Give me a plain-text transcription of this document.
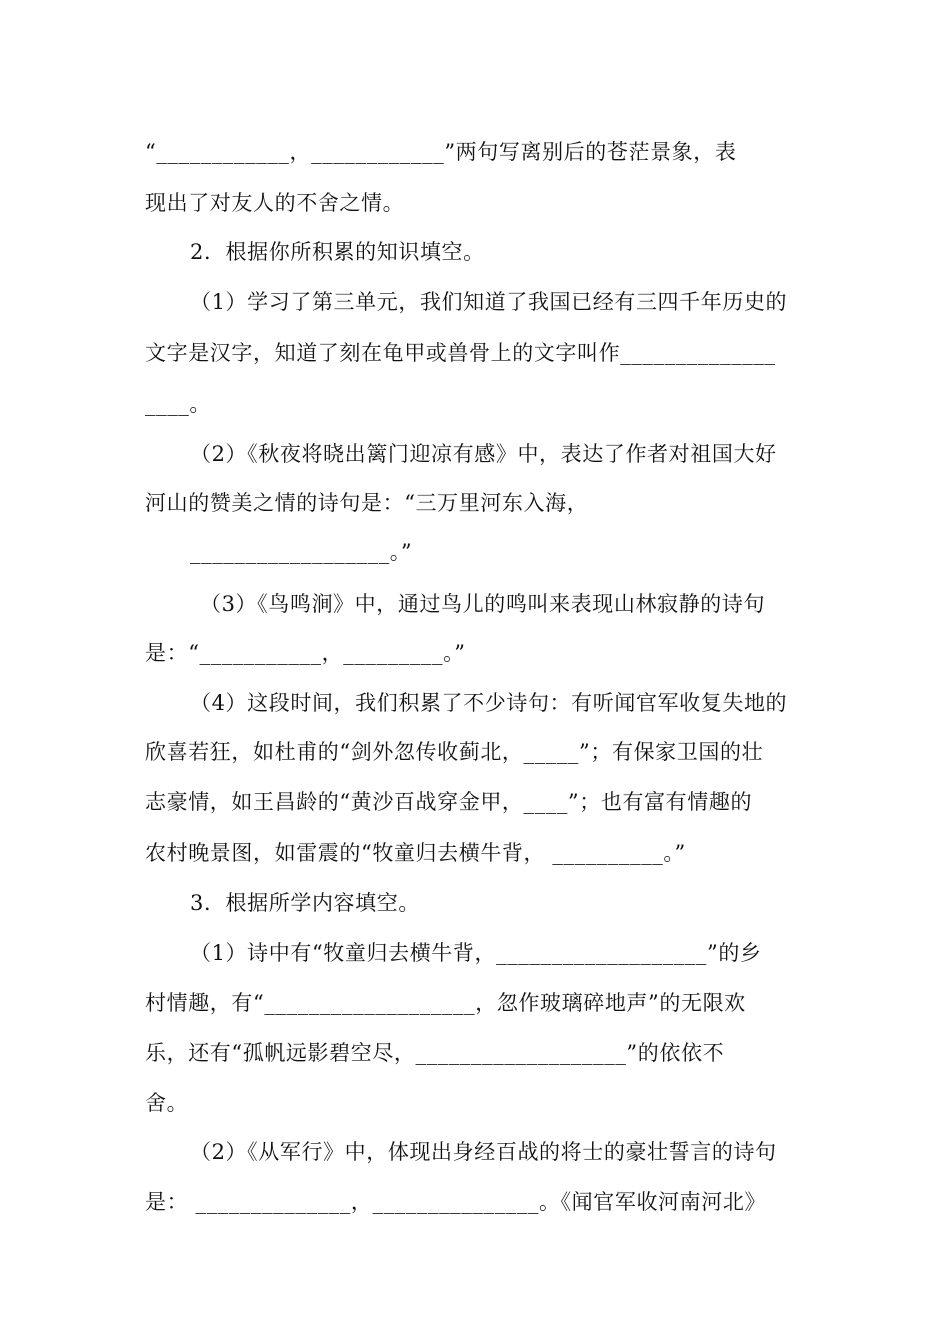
“____________，____________”两句写离别后的苍茫景象，表
现出了对友人的不舍之情。
2．根据你所积累的知识填空。
（1）学习了第三单元，我们知道了我国已经有三四千年历史的
文字是汉字，知道了刻在龟甲或兽骨上的文字叫作______________
____。
（2）《秋夜将晓出篱门迎凉有感》中，表达了作者对祖国大好
河山的赞美之情的诗句是：“三万里河东入海，
__________________。”
（3）《鸟鸣涧》中，通过鸟儿的鸣叫来表现山林寂静的诗句
是：“___________，_________。”
（4）这段时间，我们积累了不少诗句：有听闻官军收复失地的
欣喜若狂，如杜甫的“剑外忽传收蓟北，_____”；有保家卫国的壮
志豪情，如王昌龄的“黄沙百战穿金甲，____”；也有富有情趣的
农村晚景图，如雷震的“牧童归去横牛背， __________。”
3．根据所学内容填空。
（1）诗中有“牧童归去横牛背，___________________”的乡
村情趣，有“___________________，忽作玻璃碎地声”的无限欢
乐，还有“孤帆远影碧空尽，___________________”的依依不
舍。
（2）《从军行》中，体现出身经百战的将士的豪壮誓言的诗句
是： ______________，_______________。《闻官军收河南河北》
